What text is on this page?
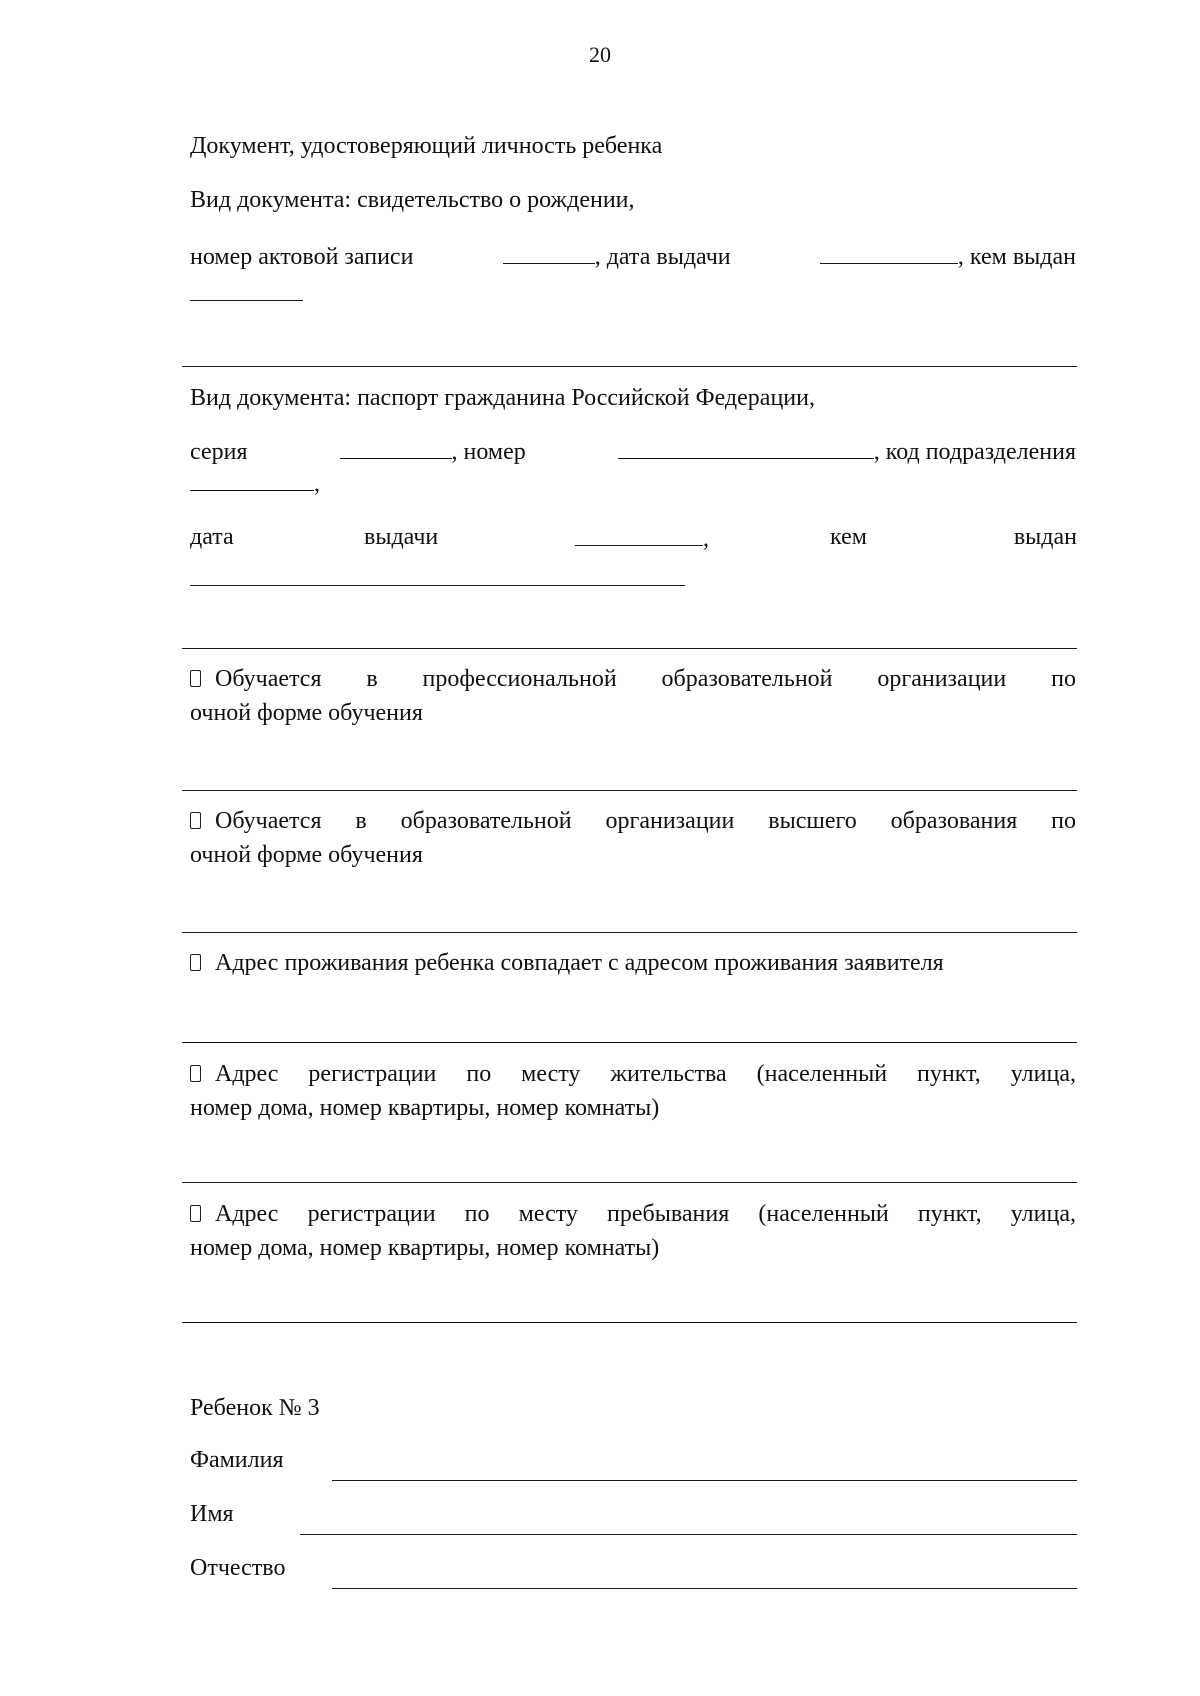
20
Документ, удостоверяющий личность ребенка
Вид документа: свидетельство о рождении,
номер актовой записи	, дата выдачи	, кем выдан
Вид документа: паспорт гражданина Российской Федерации,
серия	, номер	, код подразделения
,
дата	выдачи	,	кем	выдан
Обучается в профессиональной образовательной организации по
очной форме обучения
Обучается в образовательной организации высшего образования по
очной форме обучения
Адрес проживания ребенка совпадает с адресом проживания заявителя
Адрес регистрации по месту жительства (населенный пункт, улица,
номер дома, номер квартиры, номер комнаты)
Адрес регистрации по месту пребывания (населенный пункт, улица,
номер дома, номер квартиры, номер комнаты)
Ребенок № 3
Фамилия
Имя
Отчество
